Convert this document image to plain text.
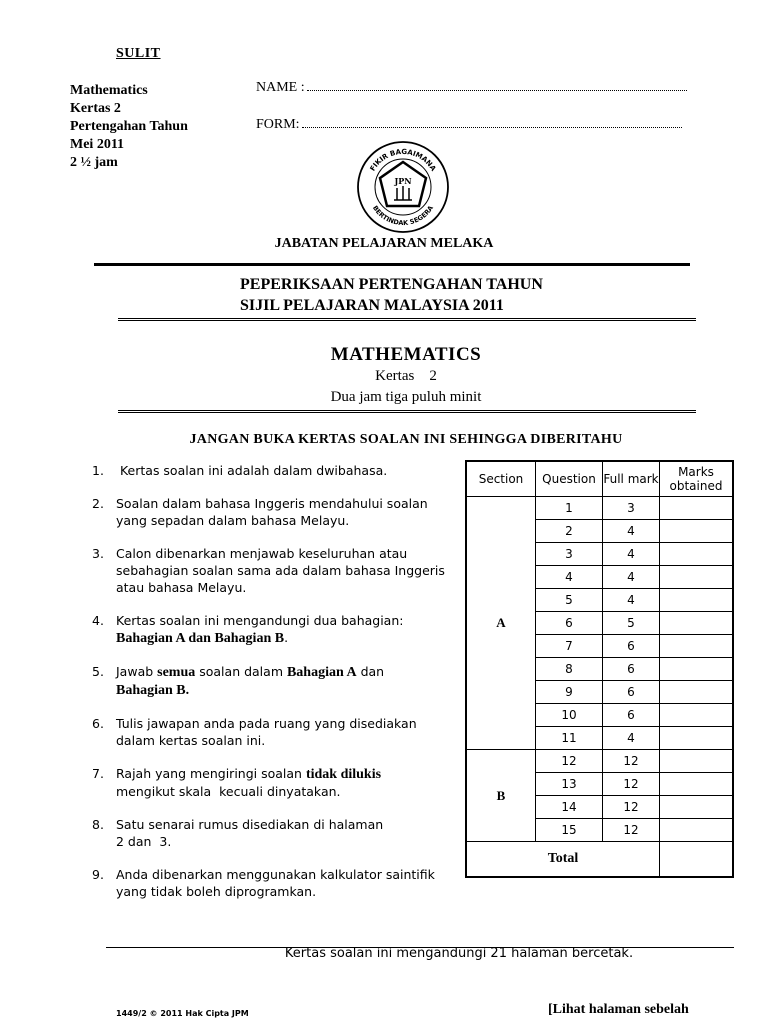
SULIT
Mathematics
Kertas 2
Pertengahan Tahun
Mei 2011
2 ½ jam
NAME :
FORM:
FIKIR BAGAIMANA
BERTINDAK SEGERA
JPN
JABATAN PELAJARAN MELAKA
PEPERIKSAAN PERTENGAHAN TAHUN
SIJIL PELAJARAN MALAYSIA 2011
MATHEMATICS
Kertas    2
Dua jam tiga puluh minit
JANGAN BUKA KERTAS SOALAN INI SEHINGGA DIBERITAHU
1. Kertas soalan ini adalah dalam dwibahasa.
2. Soalan dalam bahasa Inggeris mendahului soalan yang sepadan dalam bahasa Melayu.
3. Calon dibenarkan menjawab keseluruhan atau sebahagian soalan sama ada dalam bahasa Inggeris atau bahasa Melayu.
4. Kertas soalan ini mengandungi dua bahagian:
Bahagian A dan Bahagian B.
5. Jawab semua soalan dalam Bahagian A dan
Bahagian B.
6. Tulis jawapan anda pada ruang yang disediakan dalam kertas soalan ini.
7. Rajah yang mengiringi soalan tidak dilukis
mengikut skala  kecuali dinyatakan.
8. Satu senarai rumus disediakan di halaman
2 dan  3.
9. Anda dibenarkan menggunakan kalkulator saintifik yang tidak boleh diprogramkan.
Section	Question	Full mark	Marks obtained
A	1	3	
	2	4	
	3	4	
	4	4	
	5	4	
	6	5	
	7	6	
	8	6	
	9	6	
	10	6	
	11	4	
B	12	12	
	13	12	
	14	12	
	15	12	
Total			
Kertas soalan ini mengandungi 21 halaman bercetak.
1449/2 © 2011 Hak Cipta JPM	[Lihat halaman sebelah
